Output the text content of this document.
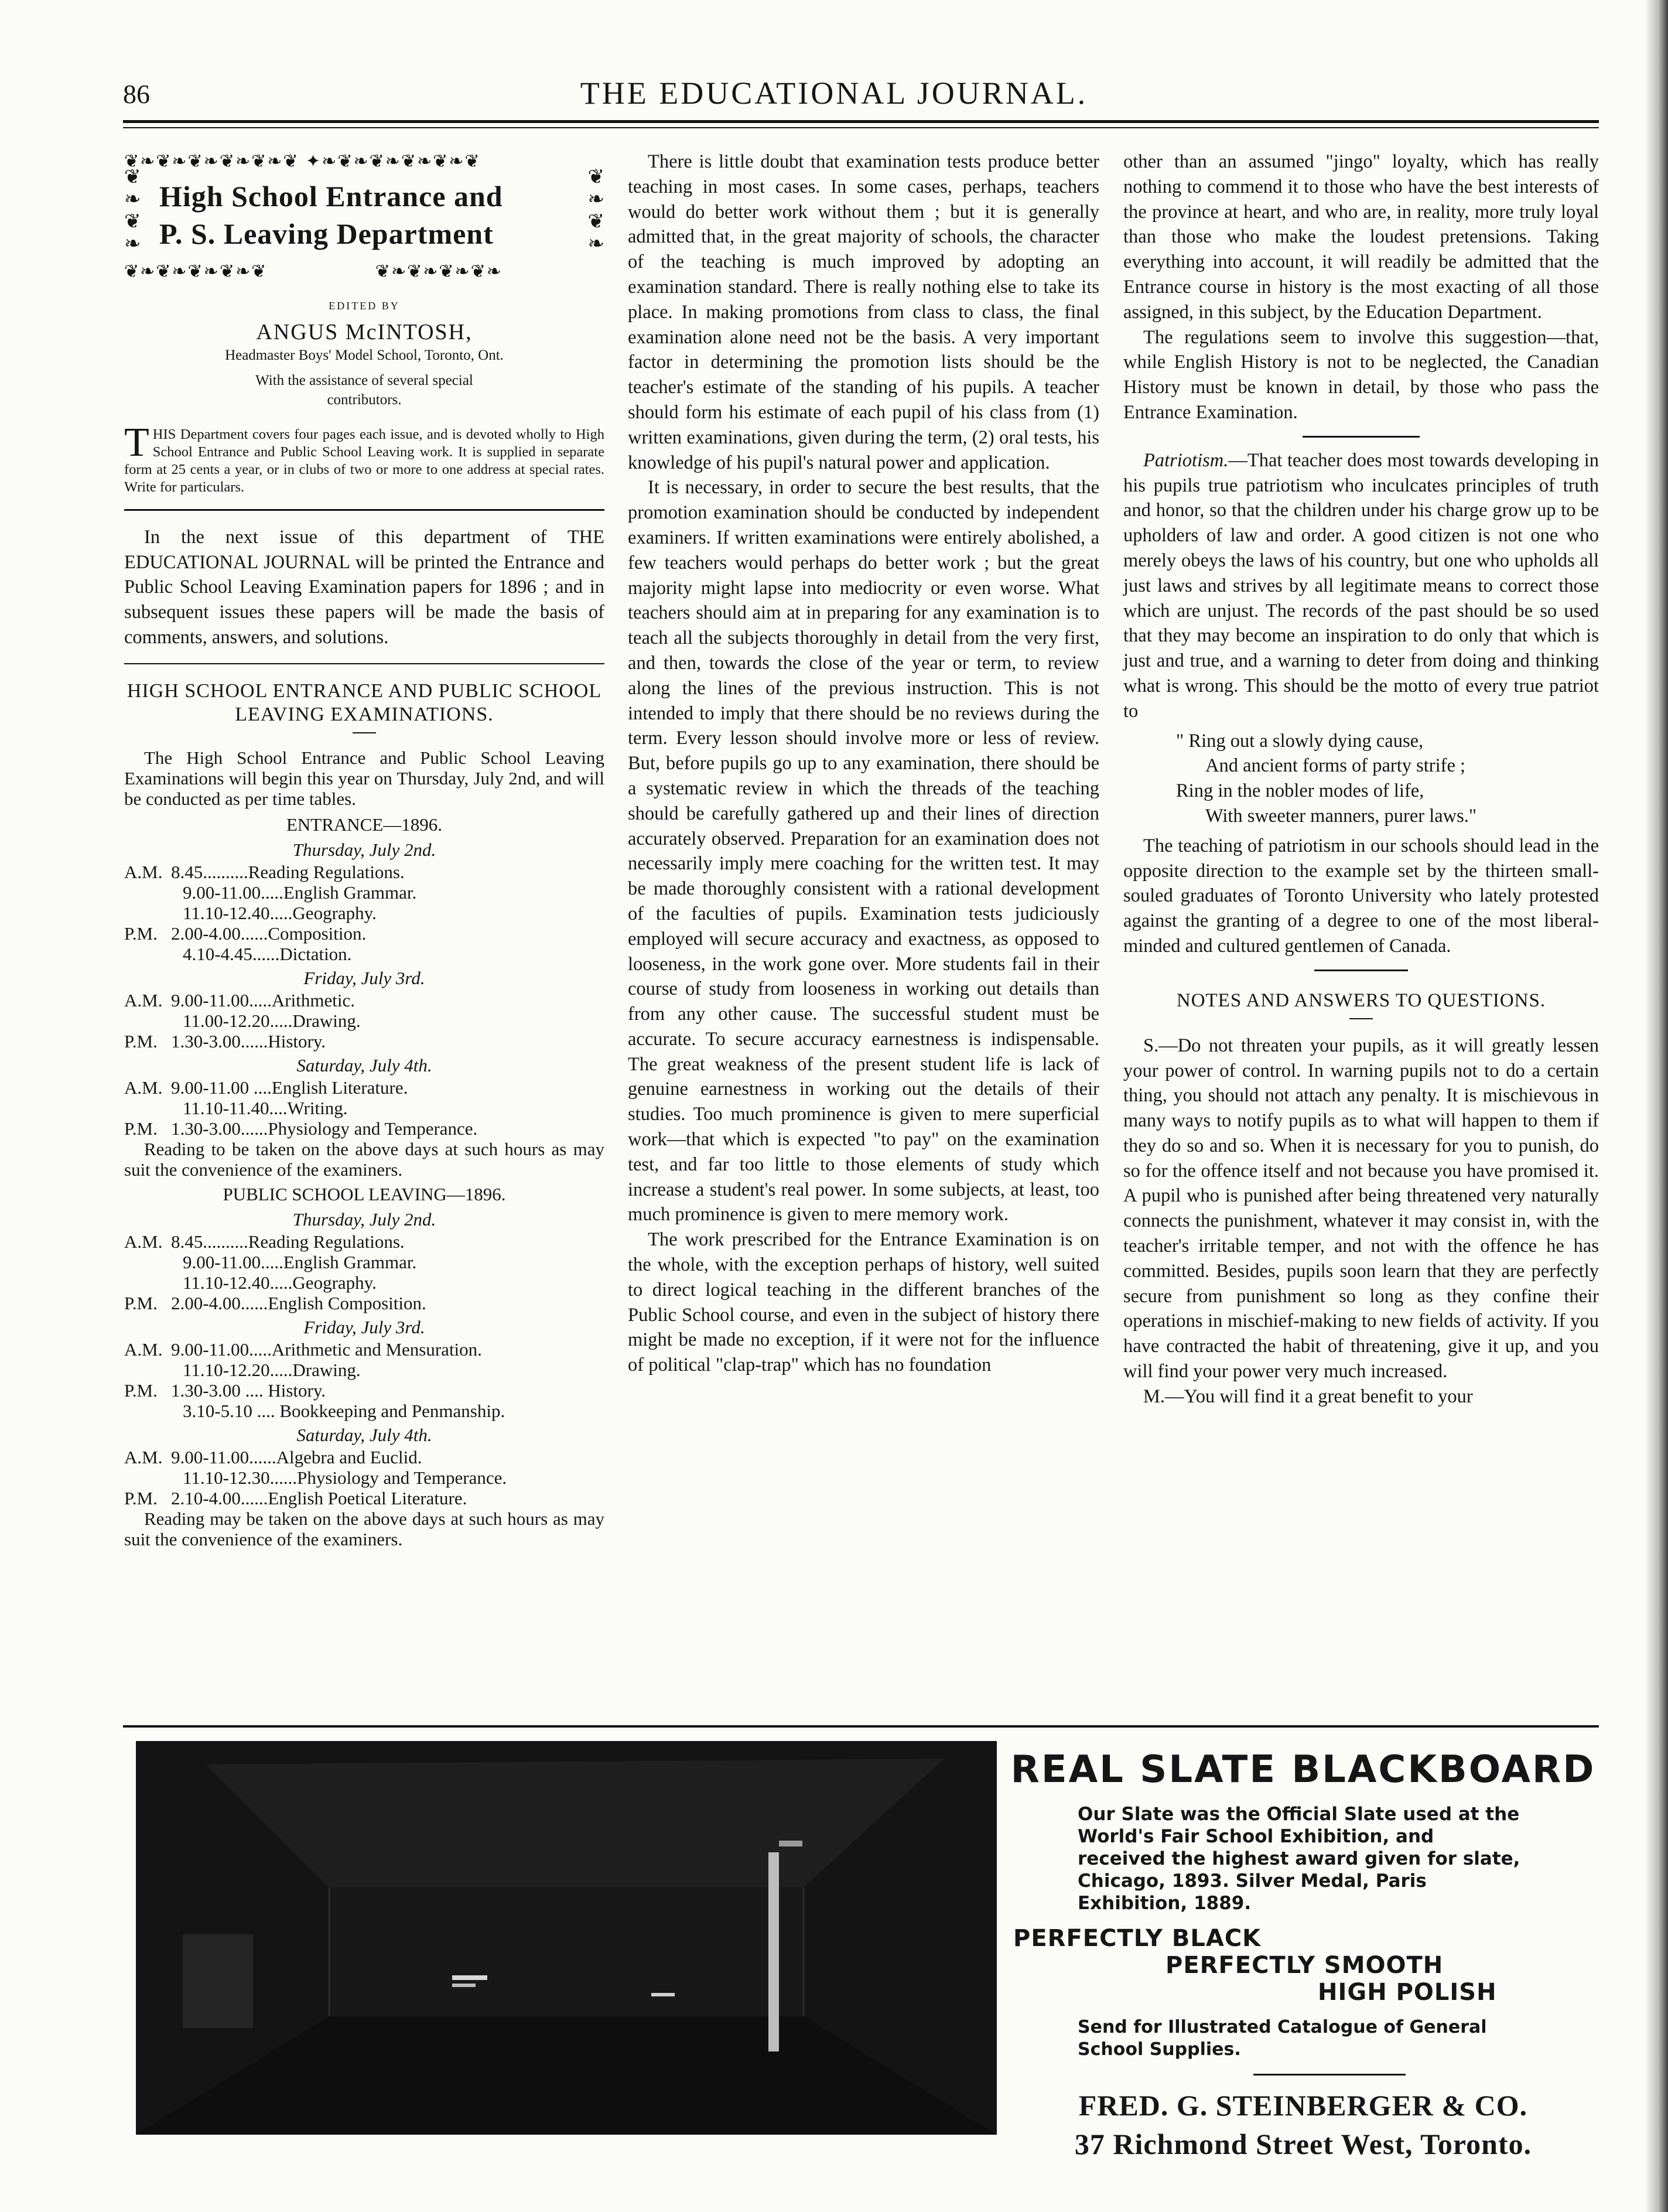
86	THE EDUCATIONAL JOURNAL.
❦❧❦❧❦❧❦❧❦❧❦ ✦❧❦❧❦❧❦❧❦❧❦
❦
❧
❦
❧
❦
❧
❦
❧
High School Entrance and
P. S. Leaving Department
❦❧❦❧❦❧❦❧❦                ❦❧❦❧❦❧❦❧
EDITED BY
ANGUS McINTOSH,
Headmaster Boys' Model School, Toronto, Ont.
With the assistance of several special contributors.
THIS Department covers four pages each issue, and is devoted wholly to High School Entrance and Public School Leaving work. It is supplied in separate form at 25 cents a year, or in clubs of two or more to one address at special rates. Write for particulars.

In the next issue of this department of THE EDUCATIONAL JOURNAL will be printed the Entrance and Public School Leaving Examination papers for 1896 ; and in subsequent issues these papers will be made the basis of comments, answers, and solutions.

HIGH SCHOOL ENTRANCE AND PUBLIC SCHOOL LEAVING EXAMINATIONS.

The High School Entrance and Public School Leaving Examinations will begin this year on Thursday, July 2nd, and will be conducted as per time tables.

ENTRANCE—1896.
Thursday, July 2nd.
A.M. 8.45..........Reading Regulations.
9.00-11.00.....English Grammar.
11.10-12.40.....Geography.
P.M. 2.00-4.00......Composition.
4.10-4.45......Dictation.
Friday, July 3rd.
A.M. 9.00-11.00.....Arithmetic.
11.00-12.20.....Drawing.
P.M. 1.30-3.00......History.
Saturday, July 4th.
A.M. 9.00-11.00 ....English Literature.
11.10-11.40....Writing.
P.M. 1.30-3.00......Physiology and Temperance.

Reading to be taken on the above days at such hours as may suit the convenience of the examiners.

PUBLIC SCHOOL LEAVING—1896.
Thursday, July 2nd.
A.M. 8.45..........Reading Regulations.
9.00-11.00.....English Grammar.
11.10-12.40.....Geography.
P.M. 2.00-4.00......English Composition.
Friday, July 3rd.
A.M. 9.00-11.00.....Arithmetic and Mensuration.
11.10-12.20.....Drawing.
P.M. 1.30-3.00 .... History.
3.10-5.10 .... Bookkeeping and Penmanship.
Saturday, July 4th.
A.M. 9.00-11.00......Algebra and Euclid.
11.10-12.30......Physiology and Temperance.
P.M. 2.10-4.00......English Poetical Literature.

Reading may be taken on the above days at such hours as may suit the convenience of the examiners.

There is little doubt that examination tests produce better teaching in most cases. In some cases, perhaps, teachers would do better work without them ; but it is generally admitted that, in the great majority of schools, the character of the teaching is much improved by adopting an examination standard. There is really nothing else to take its place. In making promotions from class to class, the final examination alone need not be the basis. A very important factor in determining the promotion lists should be the teacher's estimate of the standing of his pupils. A teacher should form his estimate of each pupil of his class from (1) written examinations, given during the term, (2) oral tests, his knowledge of his pupil's natural power and application.

It is necessary, in order to secure the best results, that the promotion examination should be conducted by independent examiners. If written examinations were entirely abolished, a few teachers would perhaps do better work ; but the great majority might lapse into mediocrity or even worse. What teachers should aim at in preparing for any examination is to teach all the subjects thoroughly in detail from the very first, and then, towards the close of the year or term, to review along the lines of the previous instruction. This is not intended to imply that there should be no reviews during the term. Every lesson should involve more or less of review. But, before pupils go up to any examination, there should be a systematic review in which the threads of the teaching should be carefully gathered up and their lines of direction accurately observed. Preparation for an examination does not necessarily imply mere coaching for the written test. It may be made thoroughly consistent with a rational development of the faculties of pupils. Examination tests judiciously employed will secure accuracy and exactness, as opposed to looseness, in the work gone over. More students fail in their course of study from looseness in working out details than from any other cause. The successful student must be accurate. To secure accuracy earnestness is indispensable. The great weakness of the present student life is lack of genuine earnestness in working out the details of their studies. Too much prominence is given to mere superficial work—that which is expected "to pay" on the examination test, and far too little to those elements of study which increase a student's real power. In some subjects, at least, too much prominence is given to mere memory work.

The work prescribed for the Entrance Examination is on the whole, with the exception perhaps of history, well suited to direct logical teaching in the different branches of the Public School course, and even in the subject of history there might be made no exception, if it were not for the influence of political "clap-trap" which has no foundation

other than an assumed "jingo" loyalty, which has really nothing to commend it to those who have the best interests of the province at heart, and who are, in reality, more truly loyal than those who make the loudest pretensions. Taking everything into account, it will readily be admitted that the Entrance course in history is the most exacting of all those assigned, in this subject, by the Education Department.

The regulations seem to involve this suggestion—that, while English History is not to be neglected, the Canadian History must be known in detail, by those who pass the Entrance Examination.

Patriotism.—That teacher does most towards developing in his pupils true patriotism who inculcates principles of truth and honor, so that the children under his charge grow up to be upholders of law and order. A good citizen is not one who merely obeys the laws of his country, but one who upholds all just laws and strives by all legitimate means to correct those which are unjust. The records of the past should be so used that they may become an inspiration to do only that which is just and true, and a warning to deter from doing and thinking what is wrong. This should be the motto of every true patriot to

" Ring out a slowly dying cause,
And ancient forms of party strife ;
Ring in the nobler modes of life,
With sweeter manners, purer laws."

The teaching of patriotism in our schools should lead in the opposite direction to the example set by the thirteen small-souled graduates of Toronto University who lately protested against the granting of a degree to one of the most liberal-minded and cultured gentlemen of Canada.

NOTES AND ANSWERS TO QUESTIONS.

S.—Do not threaten your pupils, as it will greatly lessen your power of control. In warning pupils not to do a certain thing, you should not attach any penalty. It is mischievous in many ways to notify pupils as to what will happen to them if they do so and so. When it is necessary for you to punish, do so for the offence itself and not because you have promised it. A pupil who is punished after being threatened very naturally connects the punishment, whatever it may consist in, with the teacher's irritable temper, and not with the offence he has committed. Besides, pupils soon learn that they are perfectly secure from punishment so long as they confine their operations in mischief-making to new fields of activity. If you have contracted the habit of threatening, give it up, and you will find your power very much increased.

M.—You will find it a great benefit to your

REAL SLATE BLACKBOARD
Our Slate was the Official Slate used at the World's Fair School Exhibition, and received the highest award given for slate, Chicago, 1893. Silver Medal, Paris Exhibition, 1889.
PERFECTLY BLACK
PERFECTLY SMOOTH
HIGH POLISH
Send for Illustrated Catalogue of General School Supplies.
FRED. G. STEINBERGER & CO.
37 Richmond Street West, Toronto.
